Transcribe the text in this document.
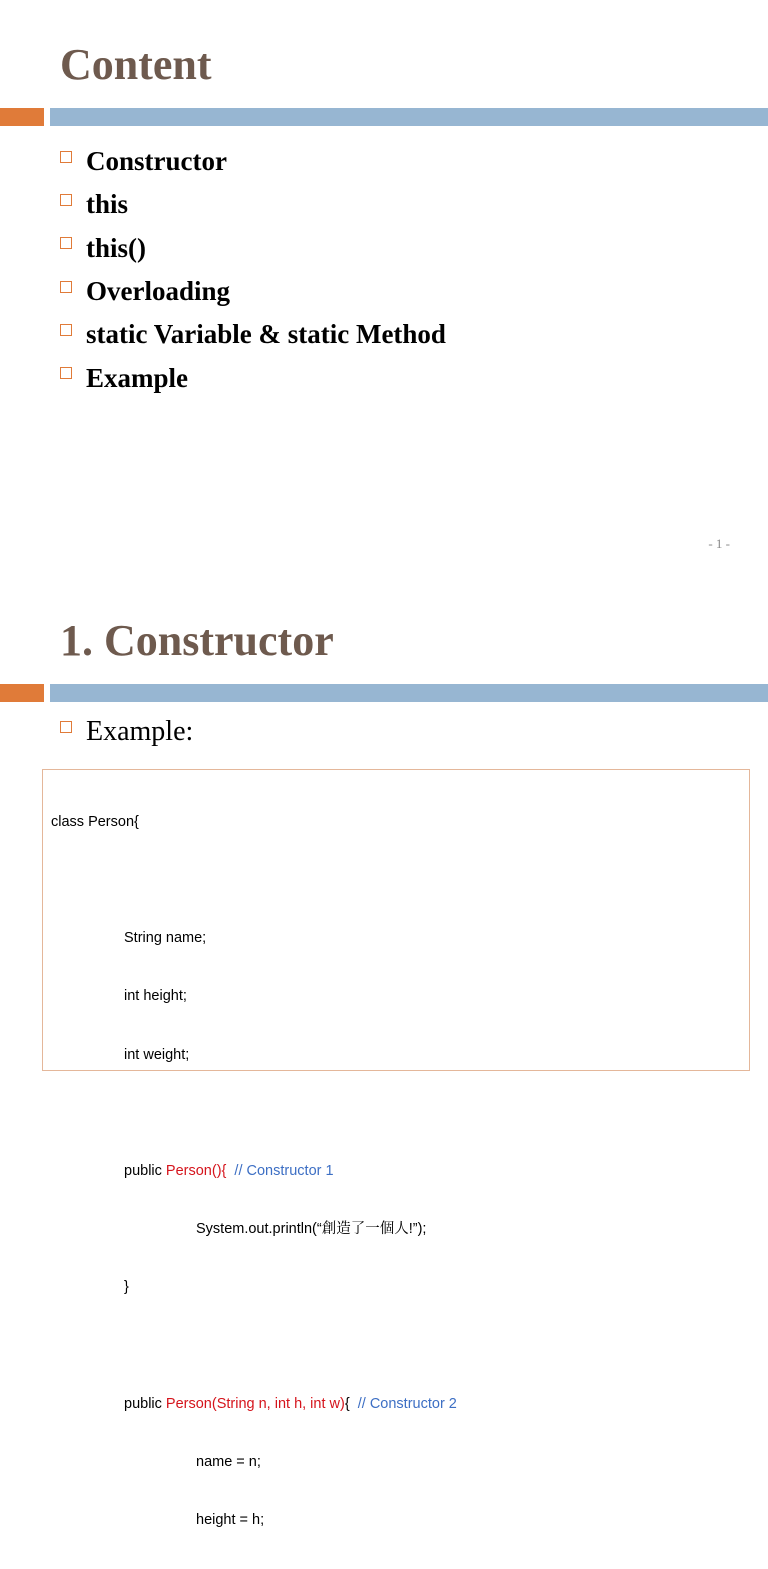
Content
Constructor
this
this()
Overloading
static Variable & static Method
Example
- 1 -
1. Constructor
Example:

class Person{

String name;

int height;

int weight;

public Person(){  // Constructor 1

System.out.println(“創造了一個人!”);

}

public Person(String n, int h, int w){  // Constructor 2

name = n;

height = h;
